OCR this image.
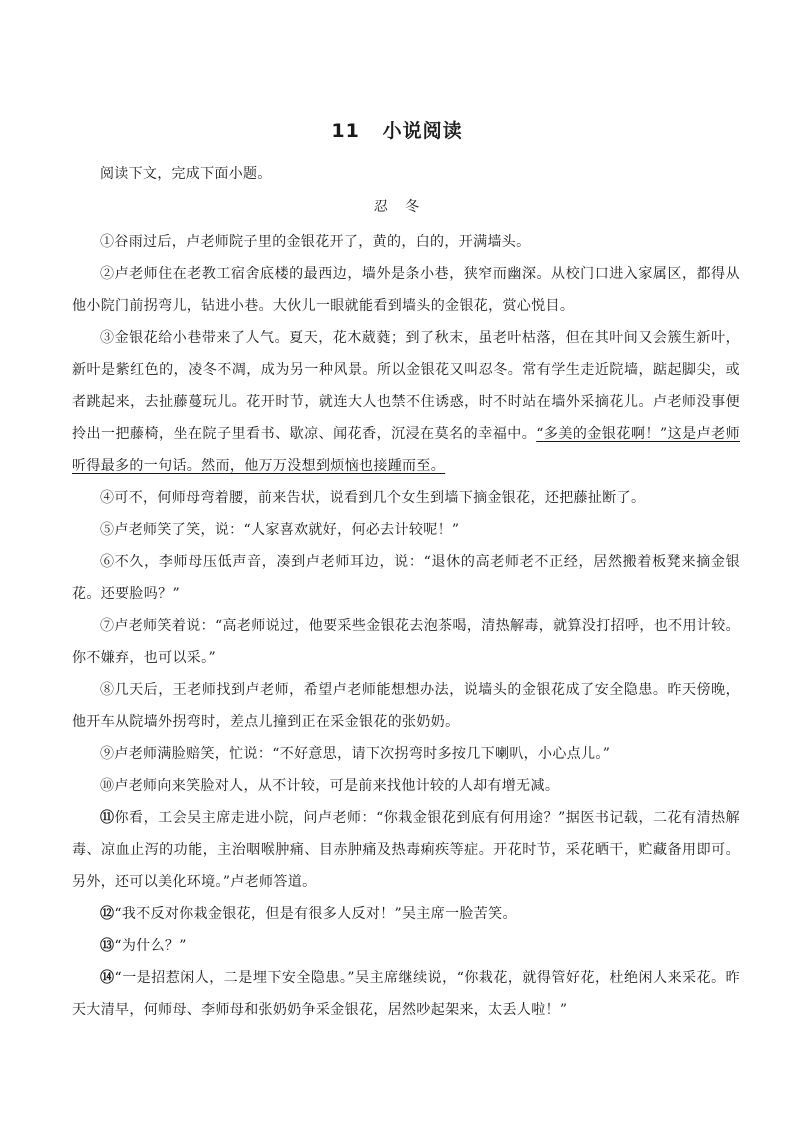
11   小说阅读
阅读下文，完成下面小题。
忍   冬

①谷雨过后，卢老师院子里的金银花开了，黄的，白的，开满墙头。

②卢老师住在老教工宿舍底楼的最西边，墙外是条小巷，狭窄而幽深。从校门口进入家属区，都得从他小院门前拐弯儿，钻进小巷。大伙儿一眼就能看到墙头的金银花，赏心悦目。

③金银花给小巷带来了人气。夏天，花木葳蕤；到了秋末，虽老叶枯落，但在其叶间又会簇生新叶，新叶是紫红色的，凌冬不凋，成为另一种风景。所以金银花又叫忍冬。常有学生走近院墙，踮起脚尖，或者跳起来，去扯藤蔓玩儿。花开时节，就连大人也禁不住诱惑，时不时站在墙外采摘花儿。卢老师没事便拎出一把藤椅，坐在院子里看书、歇凉、闻花香，沉浸在莫名的幸福中。“多美的金银花啊！”这是卢老师听得最多的一句话。然而，他万万没想到烦恼也接踵而至。

④可不，何师母弯着腰，前来告状，说看到几个女生到墙下摘金银花，还把藤扯断了。

⑤卢老师笑了笑，说：“人家喜欢就好，何必去计较呢！”

⑥不久，李师母压低声音，凑到卢老师耳边，说：“退休的高老师老不正经，居然搬着板凳来摘金银花。还要脸吗？”

⑦卢老师笑着说：“高老师说过，他要采些金银花去泡茶喝，清热解毒，就算没打招呼，也不用计较。你不嫌弃，也可以采。”

⑧几天后，王老师找到卢老师，希望卢老师能想想办法，说墙头的金银花成了安全隐患。昨天傍晚，他开车从院墙外拐弯时，差点儿撞到正在采金银花的张奶奶。

⑨卢老师满脸赔笑，忙说：“不好意思，请下次拐弯时多按几下喇叭，小心点儿。”

⑩卢老师向来笑脸对人，从不计较，可是前来找他计较的人却有增无减。

⑪你看，工会吴主席走进小院，问卢老师：“你栽金银花到底有何用途？”据医书记载，二花有清热解毒、凉血止泻的功能，主治咽喉肿痛、目赤肿痛及热毒痢疾等症。开花时节，采花晒干，贮藏备用即可。另外，还可以美化环境。”卢老师答道。

⑫“我不反对你栽金银花，但是有很多人反对！”吴主席一脸苦笑。

⑬“为什么？”

⑭“一是招惹闲人，二是埋下安全隐患。”吴主席继续说，“你栽花，就得管好花，杜绝闲人来采花。昨天大清早，何师母、李师母和张奶奶争采金银花，居然吵起架来，太丢人啦！”
